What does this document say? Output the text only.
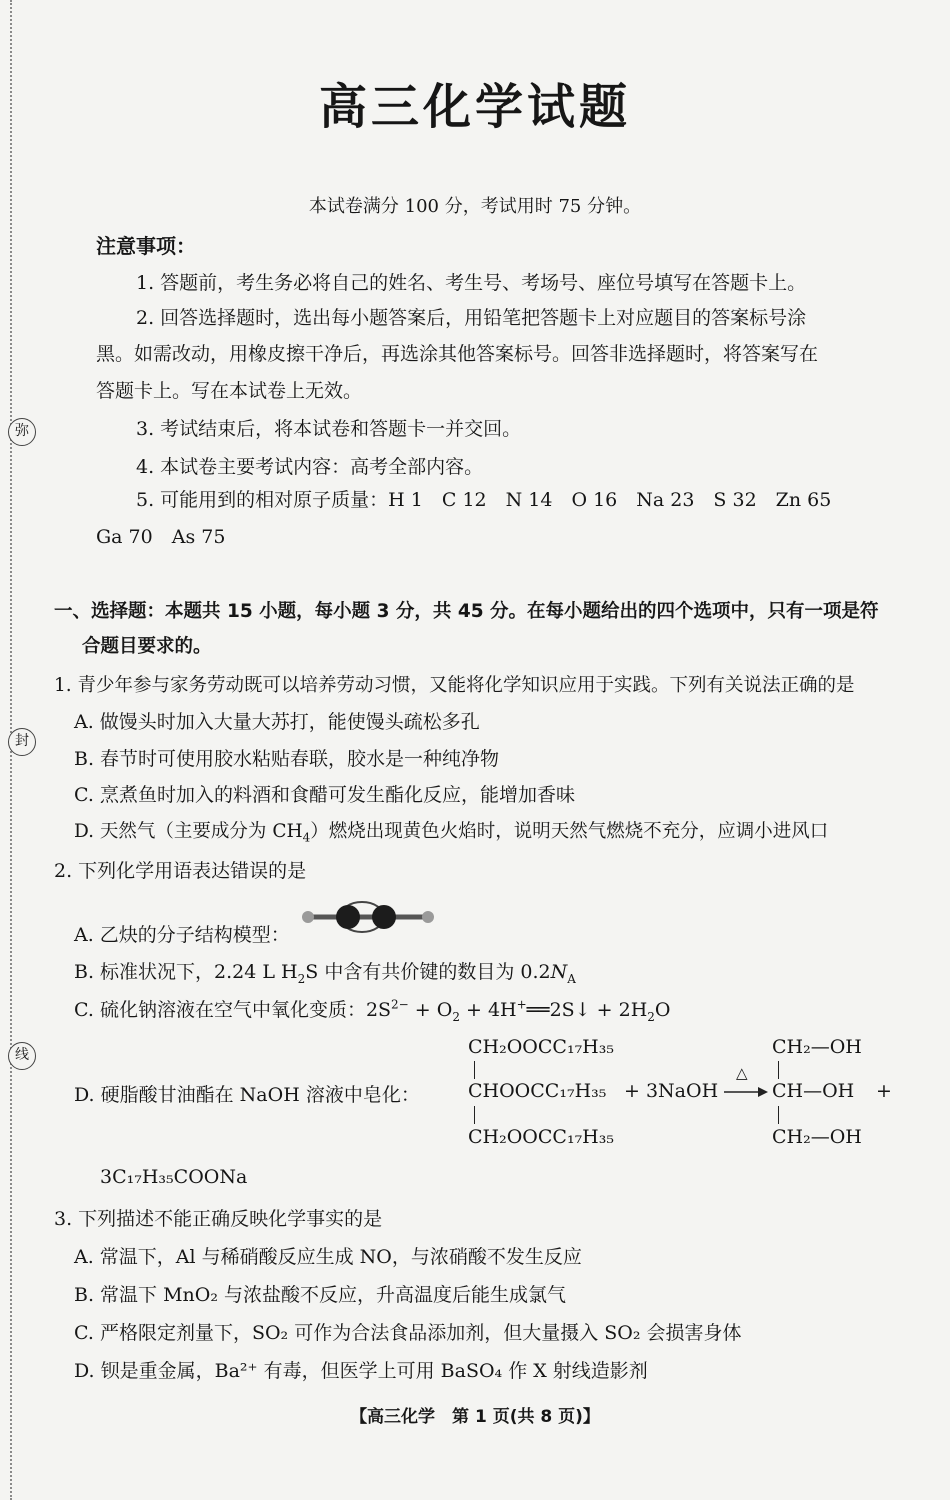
弥
封
线
高三化学试题
本试卷满分 100 分，考试用时 75 分钟。
注意事项：
1. 答题前，考生务必将自己的姓名、考生号、考场号、座位号填写在答题卡上。
2. 回答选择题时，选出每小题答案后，用铅笔把答题卡上对应题目的答案标号涂
黑。如需改动，用橡皮擦干净后，再选涂其他答案标号。回答非选择题时，将答案写在
答题卡上。写在本试卷上无效。
3. 考试结束后，将本试卷和答题卡一并交回。
4. 本试卷主要考试内容：高考全部内容。
5. 可能用到的相对原子质量：H 1　C 12　N 14　O 16　Na 23　S 32　Zn 65
Ga 70　As 75
一、选择题：本题共 15 小题，每小题 3 分，共 45 分。在每小题给出的四个选项中，只有一项是符
合题目要求的。
1. 青少年参与家务劳动既可以培养劳动习惯，又能将化学知识应用于实践。下列有关说法正确的是
A. 做馒头时加入大量大苏打，能使馒头疏松多孔
B. 春节时可使用胶水粘贴春联，胶水是一种纯净物
C. 烹煮鱼时加入的料酒和食醋可发生酯化反应，能增加香味
D. 天然气（主要成分为 $CH_4$）燃烧出现黄色火焰时，说明天然气燃烧不充分，应调小进风口
2. 下列化学用语表达错误的是
A. 乙炔的分子结构模型：
B. 标准状况下，2.24 L $H_2S$ 中含有共价键的数目为 $0.2N_A$
C. 硫化钠溶液在空气中氧化变质：$2S^{2-} + O_2$ + 4H+══2S↓ + $2H_2O$
D. 硬脂酸甘油酯在 NaOH 溶液中皂化：
CH₂OOCC₁₇H₃₅
CHOOCC₁₇H₃₅
CH₂OOCC₁₇H₃₅
+ 3NaOH
△
CH₂—OH
CH—OH
CH₂—OH
+
3C₁₇H₃₅COONa
3. 下列描述不能正确反映化学事实的是
A. 常温下，Al 与稀硝酸反应生成 NO，与浓硝酸不发生反应
B. 常温下 MnO₂ 与浓盐酸不反应，升高温度后能生成氯气
C. 严格限定剂量下，SO₂ 可作为合法食品添加剂，但大量摄入 SO₂ 会损害身体
D. 钡是重金属，Ba²⁺ 有毒，但医学上可用 BaSO₄ 作 X 射线造影剂
【高三化学　第 1 页(共 8 页)】
